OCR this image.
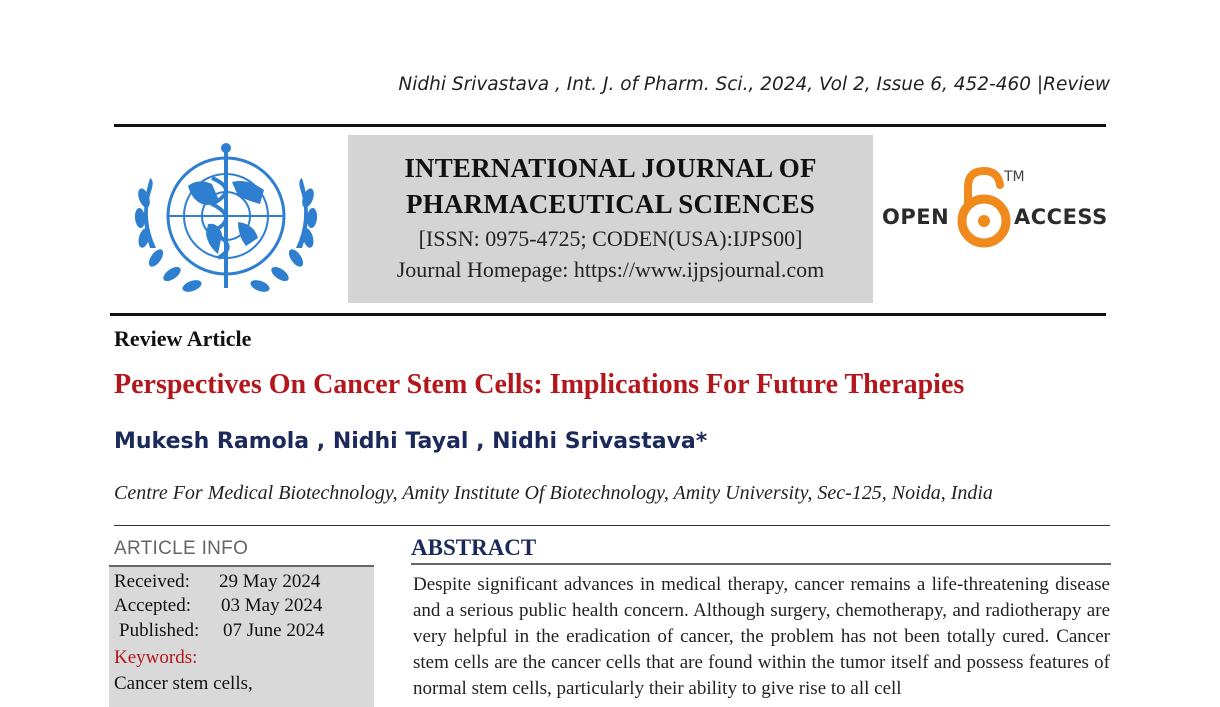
Nidhi Srivastava , Int. J. of Pharm. Sci., 2024, Vol 2, Issue 6, 452-460 |Review
INTERNATIONAL JOURNAL OF
PHARMACEUTICAL SCIENCES
[ISSN: 0975-4725; CODEN(USA):IJPS00]
Journal Homepage: https://www.ijpsjournal.com
OPEN
TM
ACCESS
Review Article
Perspectives On Cancer Stem Cells: Implications For Future Therapies
Mukesh Ramola , Nidhi Tayal , Nidhi Srivastava*
Centre For Medical Biotechnology, Amity Institute Of Biotechnology, Amity University, Sec-125, Noida, India
ARTICLE INFO
Received: 29 May 2024
Accepted: 03 May 2024
Published: 07 June 2024
Keywords:
Cancer stem cells,
ABSTRACT
Despite significant advances in medical therapy, cancer remains a life-threatening disease and a serious public health concern. Although surgery, chemotherapy, and radiotherapy are very helpful in the eradication of cancer, the problem has not been totally cured. Cancer stem cells are the cancer cells that are found within the tumor itself and possess features of normal stem cells, particularly their ability to give rise to all cell
